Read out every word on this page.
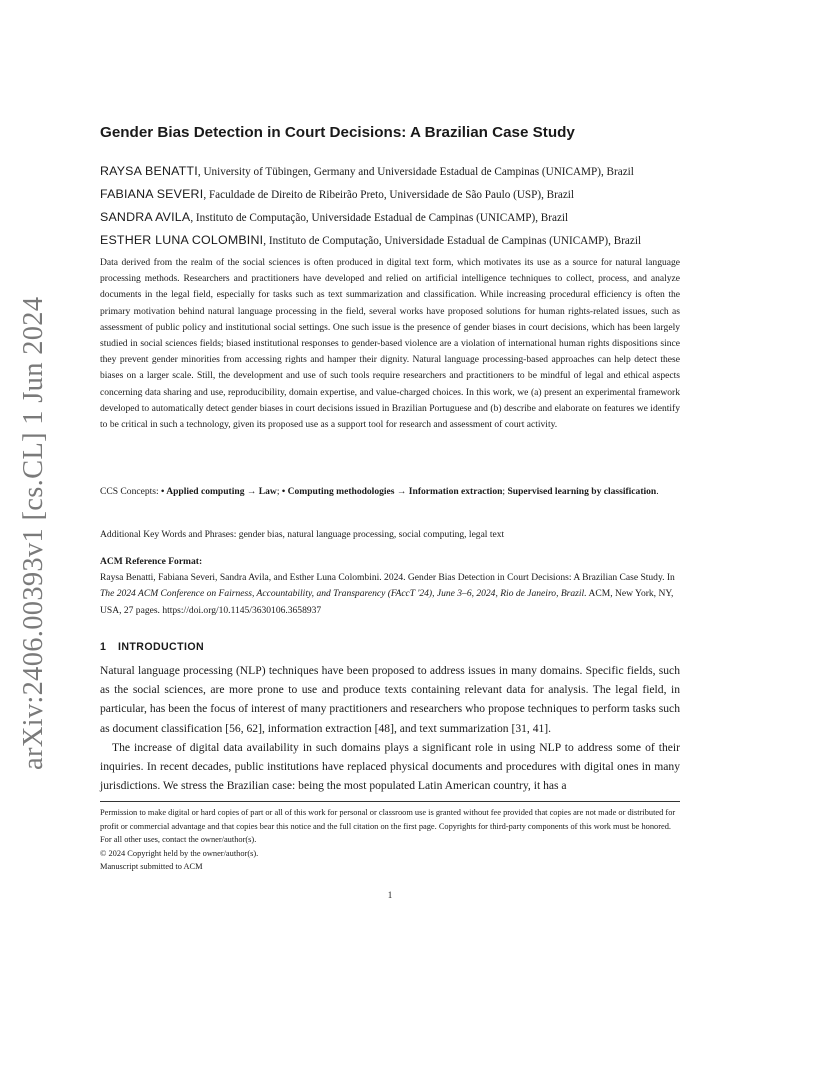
arXiv:2406.00393v1 [cs.CL] 1 Jun 2024
Gender Bias Detection in Court Decisions: A Brazilian Case Study
RAYSA BENATTI, University of Tübingen, Germany and Universidade Estadual de Campinas (UNICAMP), Brazil
FABIANA SEVERI, Faculdade de Direito de Ribeirão Preto, Universidade de São Paulo (USP), Brazil
SANDRA AVILA, Instituto de Computação, Universidade Estadual de Campinas (UNICAMP), Brazil
ESTHER LUNA COLOMBINI, Instituto de Computação, Universidade Estadual de Campinas (UNICAMP), Brazil

Data derived from the realm of the social sciences is often produced in digital text form, which motivates its use as a source for natural language processing methods. Researchers and practitioners have developed and relied on artificial intelligence techniques to collect, process, and analyze documents in the legal field, especially for tasks such as text summarization and classification. While increasing procedural efficiency is often the primary motivation behind natural language processing in the field, several works have proposed solutions for human rights-related issues, such as assessment of public policy and institutional social settings. One such issue is the presence of gender biases in court decisions, which has been largely studied in social sciences fields; biased institutional responses to gender-based violence are a violation of international human rights dispositions since they prevent gender minorities from accessing rights and hamper their dignity. Natural language processing-based approaches can help detect these biases on a larger scale. Still, the development and use of such tools require researchers and practitioners to be mindful of legal and ethical aspects concerning data sharing and use, reproducibility, domain expertise, and value-charged choices. In this work, we (a) present an experimental framework developed to automatically detect gender biases in court decisions issued in Brazilian Portuguese and (b) describe and elaborate on features we identify to be critical in such a technology, given its proposed use as a support tool for research and assessment of court activity.

CCS Concepts: • Applied computing → Law; • Computing methodologies → Information extraction; Supervised learning by classification.

Additional Key Words and Phrases: gender bias, natural language processing, social computing, legal text

ACM Reference Format:

Raysa Benatti, Fabiana Severi, Sandra Avila, and Esther Luna Colombini. 2024. Gender Bias Detection in Court Decisions: A Brazilian Case Study. In The 2024 ACM Conference on Fairness, Accountability, and Transparency (FAccT '24), June 3–6, 2024, Rio de Janeiro, Brazil. ACM, New York, NY, USA, 27 pages. https://doi.org/10.1145/3630106.3658937

1 INTRODUCTION

Natural language processing (NLP) techniques have been proposed to address issues in many domains. Specific fields, such as the social sciences, are more prone to use and produce texts containing relevant data for analysis. The legal field, in particular, has been the focus of interest of many practitioners and researchers who propose techniques to perform tasks such as document classification [56, 62], information extraction [48], and text summarization [31, 41].

The increase of digital data availability in such domains plays a significant role in using NLP to address some of their inquiries. In recent decades, public institutions have replaced physical documents and procedures with digital ones in many jurisdictions. We stress the Brazilian case: being the most populated Latin American country, it has a

Permission to make digital or hard copies of part or all of this work for personal or classroom use is granted without fee provided that copies are not made or distributed for profit or commercial advantage and that copies bear this notice and the full citation on the first page. Copyrights for third-party components of this work must be honored. For all other uses, contact the owner/author(s).

© 2024 Copyright held by the owner/author(s).

Manuscript submitted to ACM

1
